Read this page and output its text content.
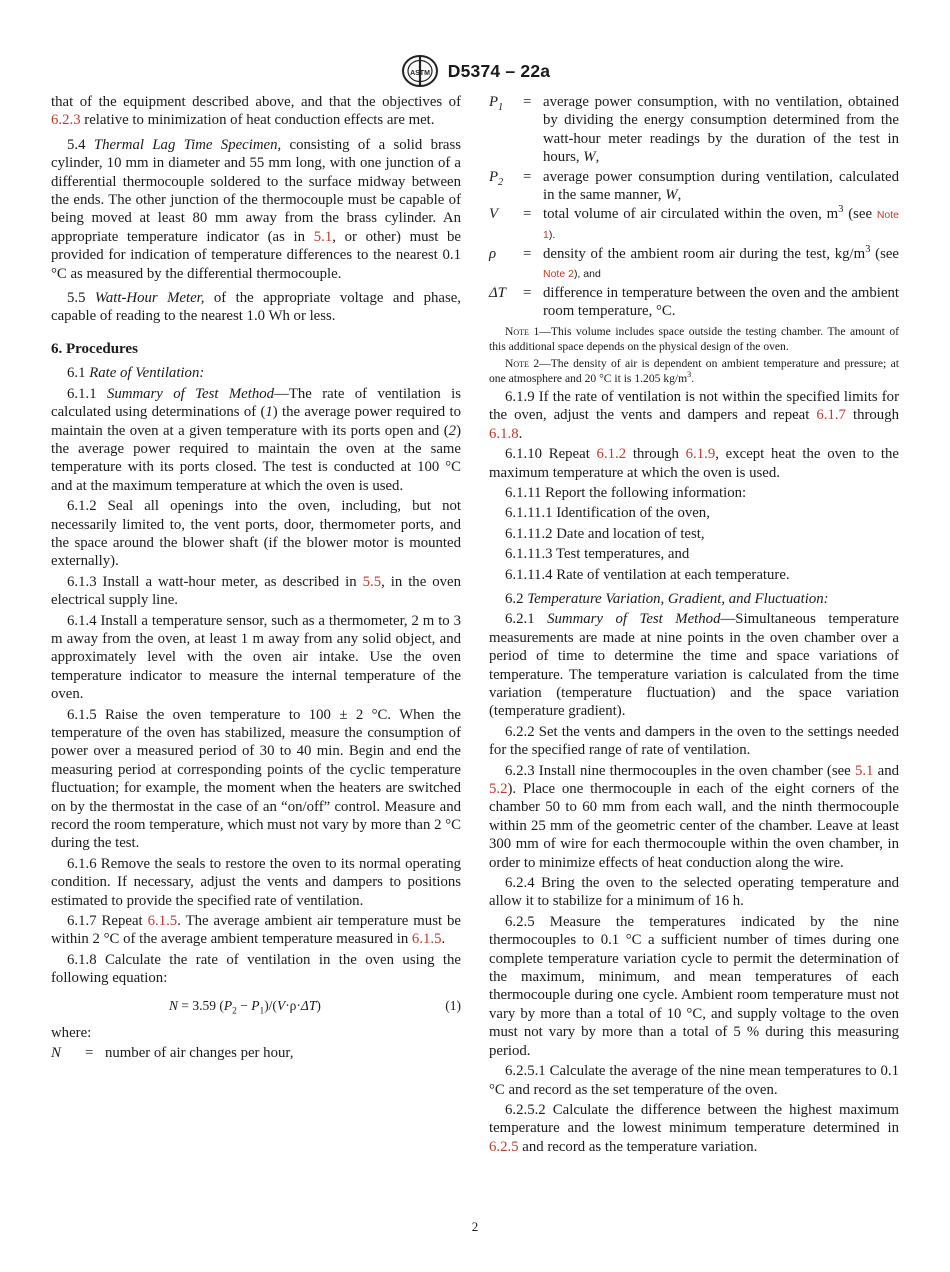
ASTM D5374 – 22a

that of the equipment described above, and that the objectives of 6.2.3 relative to minimization of heat conduction effects are met.

5.4 Thermal Lag Time Specimen, consisting of a solid brass cylinder, 10 mm in diameter and 55 mm long, with one junction of a differential thermocouple soldered to the surface midway between the ends. The other junction of the thermocouple must be capable of being moved at least 80 mm away from the brass cylinder. An appropriate temperature indicator (as in 5.1, or other) must be provided for indication of temperature differences to the nearest 0.1 °C as measured by the differential thermocouple.

5.5 Watt-Hour Meter, of the appropriate voltage and phase, capable of reading to the nearest 1.0 Wh or less.

6. Procedures

6.1 Rate of Ventilation:

6.1.1 Summary of Test Method—The rate of ventilation is calculated using determinations of (1) the average power required to maintain the oven at a given temperature with its ports open and (2) the average power required to maintain the oven at the same temperature with its ports closed. The test is conducted at 100 °C and at the maximum temperature at which the oven is used.

6.1.2 Seal all openings into the oven, including, but not necessarily limited to, the vent ports, door, thermometer ports, and the space around the blower shaft (if the blower motor is mounted externally).

6.1.3 Install a watt-hour meter, as described in 5.5, in the oven electrical supply line.

6.1.4 Install a temperature sensor, such as a thermometer, 2 m to 3 m away from the oven, at least 1 m away from any solid object, and approximately level with the oven air intake. Use the oven temperature indicator to measure the internal temperature of the oven.

6.1.5 Raise the oven temperature to 100 ± 2 °C. When the temperature of the oven has stabilized, measure the consumption of power over a measured period of 30 to 40 min. Begin and end the measuring period at corresponding points of the cyclic temperature fluctuation; for example, the moment when the heaters are switched on by the thermostat in the case of an “on/off” control. Measure and record the room temperature, which must not vary by more than 2 °C during the test.

6.1.6 Remove the seals to restore the oven to its normal operating condition. If necessary, adjust the vents and dampers to positions estimated to provide the specified rate of ventilation.

6.1.7 Repeat 6.1.5. The average ambient air temperature must be within 2 °C of the average ambient temperature measured in 6.1.5.

6.1.8 Calculate the rate of ventilation in the oven using the following equation:

N = 3.59 $(P_2 - P_1)/(V\cdot\rho\cdot\Delta T)$	(1)
where:
N	= number of air changes per hour,
$P_1$	= average power consumption, with no ventilation, obtained by dividing the energy consumption determined from the watt-hour meter readings by the duration of the test in hours, W,
$P_2$	= average power consumption during ventilation, calculated in the same manner, W,
V	= total volume of air circulated within the oven, $m^3$ (see Note 1).
ρ	= density of the ambient room air during the test, $kg/m^3$ (see Note 2), and
ΔT	= difference in temperature between the oven and the ambient room temperature, °C.
Note 1—This volume includes space outside the testing chamber. The amount of this additional space depends on the physical design of the oven.
Note 2—The density of air is dependent on ambient temperature and pressure; at one atmosphere and 20 °C it is 1.205 $kg/m^3$.

6.1.9 If the rate of ventilation is not within the specified limits for the oven, adjust the vents and dampers and repeat 6.1.7 through 6.1.8.

6.1.10 Repeat 6.1.2 through 6.1.9, except heat the oven to the maximum temperature at which the oven is used.

6.1.11 Report the following information:

6.1.11.1 Identification of the oven,

6.1.11.2 Date and location of test,

6.1.11.3 Test temperatures, and

6.1.11.4 Rate of ventilation at each temperature.

6.2 Temperature Variation, Gradient, and Fluctuation:

6.2.1 Summary of Test Method—Simultaneous temperature measurements are made at nine points in the oven chamber over a period of time to determine the time and space variations of temperature. The temperature variation is calculated from the time variation (temperature fluctuation) and the space variation (temperature gradient).

6.2.2 Set the vents and dampers in the oven to the settings needed for the specified range of rate of ventilation.

6.2.3 Install nine thermocouples in the oven chamber (see 5.1 and 5.2). Place one thermocouple in each of the eight corners of the chamber 50 to 60 mm from each wall, and the ninth thermocouple within 25 mm of the geometric center of the chamber. Leave at least 300 mm of wire for each thermocouple within the oven chamber, in order to minimize effects of heat conduction along the wire.

6.2.4 Bring the oven to the selected operating temperature and allow it to stabilize for a minimum of 16 h.

6.2.5 Measure the temperatures indicated by the nine thermocouples to 0.1 °C a sufficient number of times during one complete temperature variation cycle to permit the determination of the maximum, minimum, and mean temperatures of each thermocouple during one cycle. Ambient room temperature must not vary by more than a total of 10 °C, and supply voltage to the oven must not vary by more than a total of 5 % during this measuring period.

6.2.5.1 Calculate the average of the nine mean temperatures to 0.1 °C and record as the set temperature of the oven.

6.2.5.2 Calculate the difference between the highest maximum temperature and the lowest minimum temperature determined in 6.2.5 and record as the temperature variation.

2
